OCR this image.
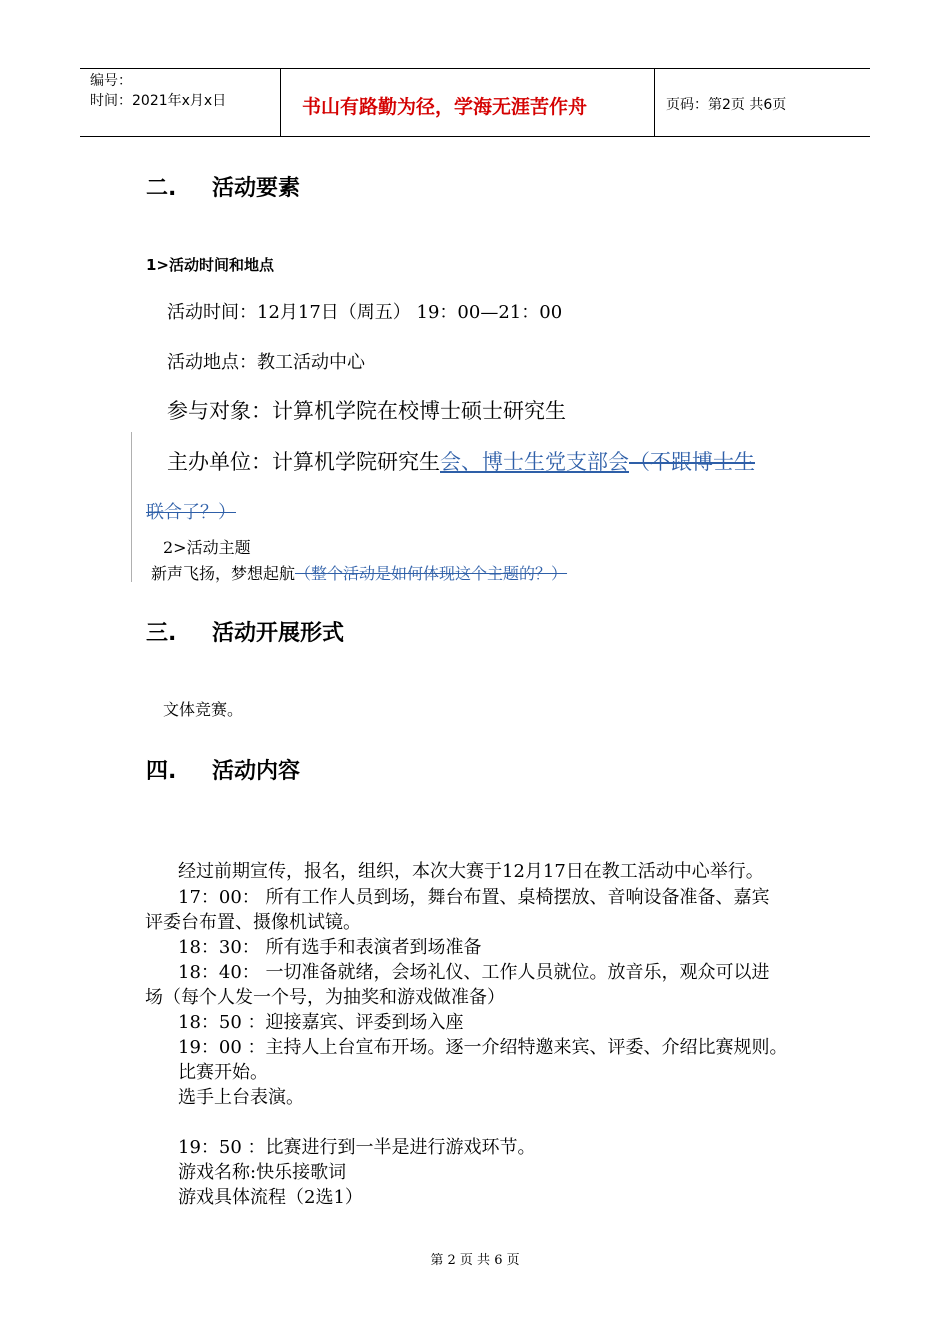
编号：
时间：2021年x月x日	书山有路勤为径，学海无涯苦作舟	页码：第2页 共6页
二. 活动要素
1>活动时间和地点
活动时间：12月17日（周五） 19：00—21：00
活动地点：教工活动中心
参与对象：计算机学院在校博士硕士研究生
主办单位：计算机学院研究生会、博士生党支部会（不跟博士生
联合了？）
2>活动主题
新声飞扬，梦想起航（整个活动是如何体现这个主题的？）
三. 活动开展形式
文体竞赛。
四. 活动内容
经过前期宣传，报名，组织，本次大赛于12月17日在教工活动中心举行。
17：00： 所有工作人员到场，舞台布置、桌椅摆放、音响设备准备、嘉宾
评委台布置、摄像机试镜。
18：30： 所有选手和表演者到场准备
18：40： 一切准备就绪，会场礼仪、工作人员就位。放音乐，观众可以进
场（每个人发一个号，为抽奖和游戏做准备）
18：50 ：迎接嘉宾、评委到场入座
19：00 ：主持人上台宣布开场。逐一介绍特邀来宾、评委、介绍比赛规则。
比赛开始。
选手上台表演。
19：50 ：比赛进行到一半是进行游戏环节。
游戏名称:快乐接歌词
游戏具体流程（2选1）
第 2 页 共 6 页
